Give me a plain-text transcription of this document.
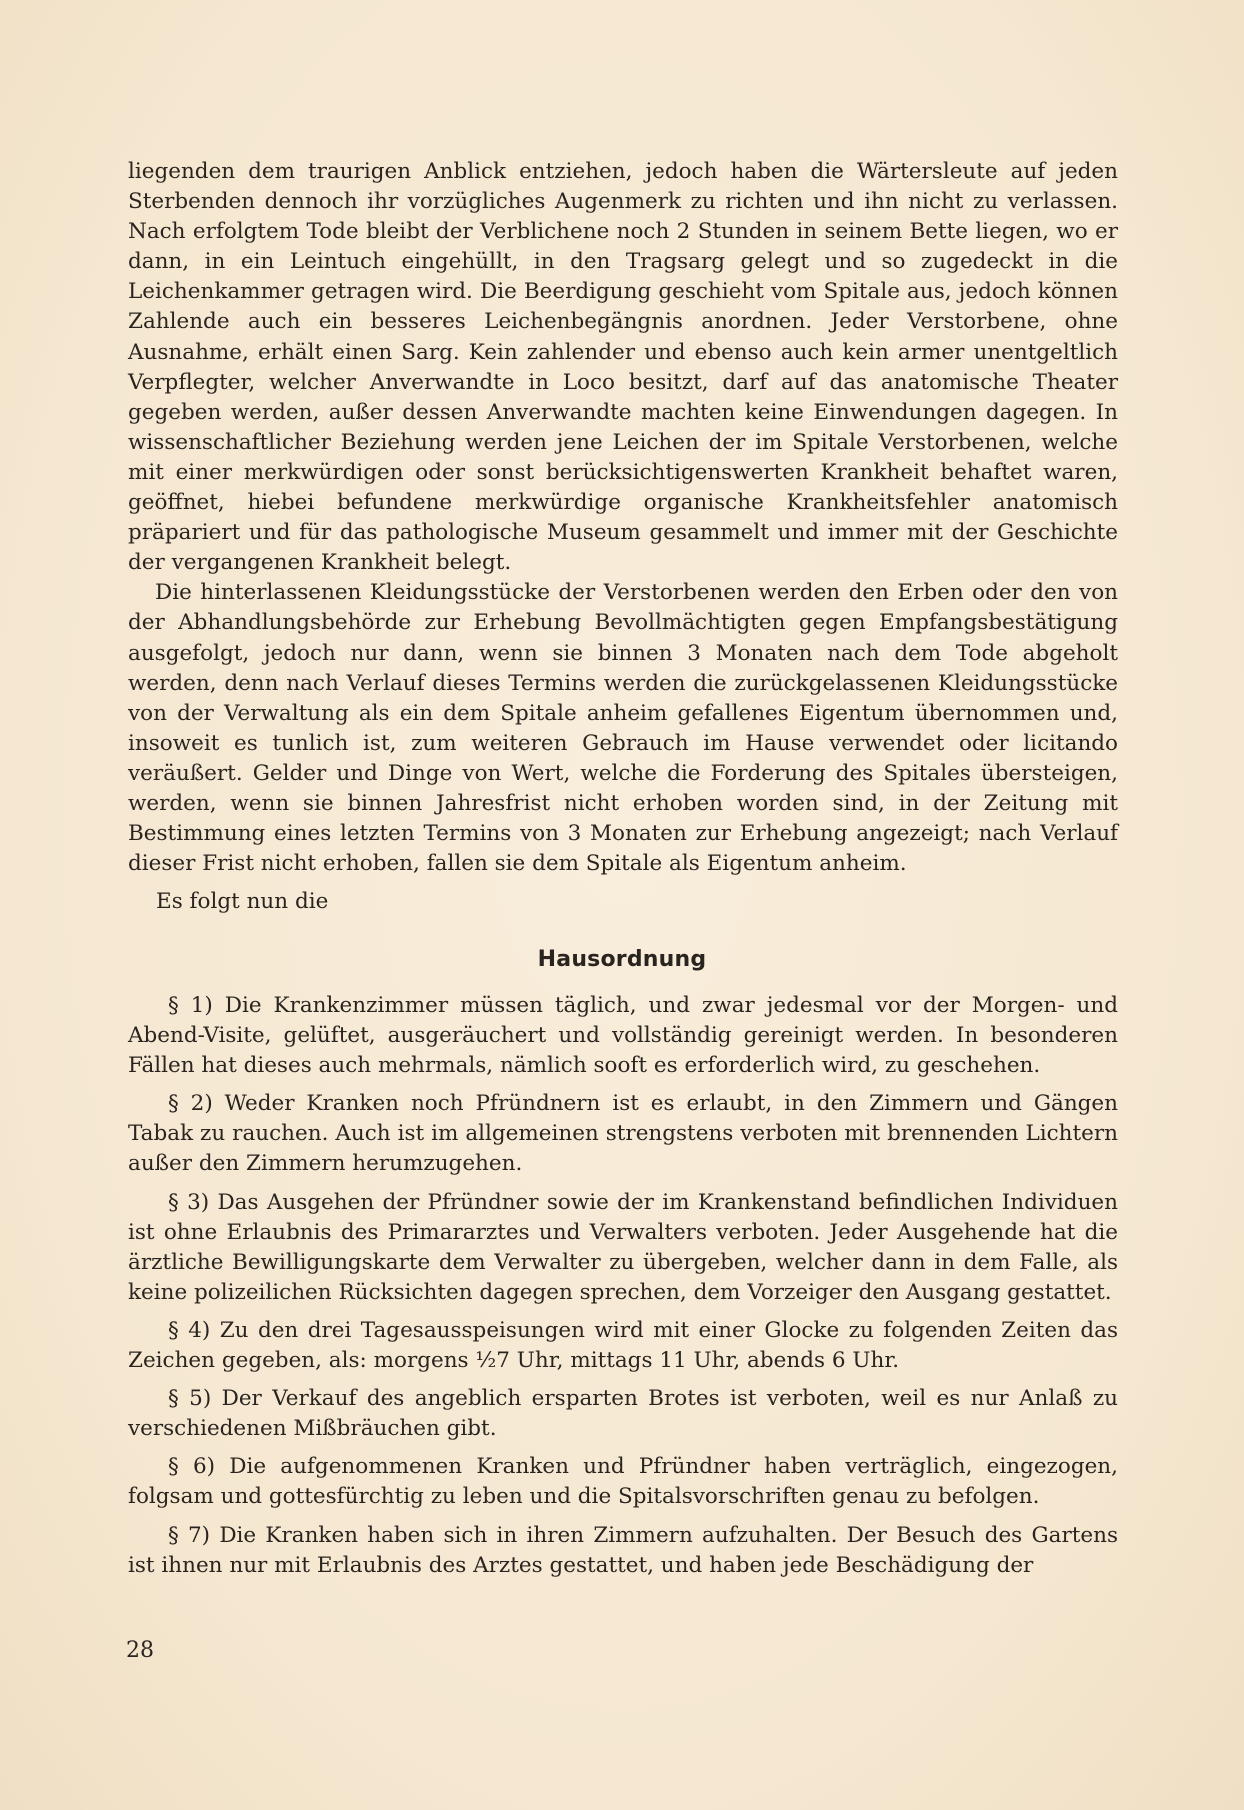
liegenden dem traurigen Anblick entziehen, jedoch haben die Wärtersleute auf jeden Sterbenden dennoch ihr vorzügliches Augenmerk zu richten und ihn nicht zu verlassen. Nach erfolgtem Tode bleibt der Verblichene noch 2 Stunden in seinem Bette liegen, wo er dann, in ein Leintuch eingehüllt, in den Tragsarg gelegt und so zugedeckt in die Leichenkammer getragen wird. Die Beerdigung geschieht vom Spitale aus, jedoch können Zahlende auch ein besseres Leichenbegängnis anordnen. Jeder Verstorbene, ohne Ausnahme, erhält einen Sarg. Kein zahlender und ebenso auch kein armer unentgeltlich Verpflegter, welcher Anverwandte in Loco besitzt, darf auf das anatomische Theater gegeben werden, außer dessen Anverwandte machten keine Einwendungen dagegen. In wissenschaftlicher Beziehung werden jene Leichen der im Spitale Verstorbenen, welche mit einer merkwürdigen oder sonst berücksichtigenswerten Krankheit behaftet waren, geöffnet, hiebei befundene merkwürdige organische Krankheitsfehler anatomisch präpariert und für das pathologische Museum gesammelt und immer mit der Geschichte der vergangenen Krankheit belegt.

Die hinterlassenen Kleidungsstücke der Verstorbenen werden den Erben oder den von der Abhandlungsbehörde zur Erhebung Bevollmächtigten gegen Empfangsbestätigung ausgefolgt, jedoch nur dann, wenn sie binnen 3 Monaten nach dem Tode abgeholt werden, denn nach Verlauf dieses Termins werden die zurückgelassenen Kleidungsstücke von der Verwaltung als ein dem Spitale anheim gefallenes Eigentum übernommen und, insoweit es tunlich ist, zum weiteren Gebrauch im Hause verwendet oder licitando veräußert. Gelder und Dinge von Wert, welche die Forderung des Spitales übersteigen, werden, wenn sie binnen Jahresfrist nicht erhoben worden sind, in der Zeitung mit Bestimmung eines letzten Termins von 3 Monaten zur Erhebung angezeigt; nach Verlauf dieser Frist nicht erhoben, fallen sie dem Spitale als Eigentum anheim.

Es folgt nun die
Hausordnung

§ 1) Die Krankenzimmer müssen täglich, und zwar jedesmal vor der Morgen- und Abend-Visite, gelüftet, ausgeräuchert und vollständig gereinigt werden. In besonderen Fällen hat dieses auch mehrmals, nämlich sooft es erforderlich wird, zu geschehen.

§ 2) Weder Kranken noch Pfründnern ist es erlaubt, in den Zimmern und Gängen Tabak zu rauchen. Auch ist im allgemeinen strengstens verboten mit brennenden Lichtern außer den Zimmern herumzugehen.

§ 3) Das Ausgehen der Pfründner sowie der im Krankenstand befindlichen Individuen ist ohne Erlaubnis des Primararztes und Verwalters verboten. Jeder Ausgehende hat die ärztliche Bewilligungskarte dem Verwalter zu übergeben, welcher dann in dem Falle, als keine polizeilichen Rücksichten dagegen sprechen, dem Vorzeiger den Ausgang gestattet.

§ 4) Zu den drei Tagesausspeisungen wird mit einer Glocke zu folgenden Zeiten das Zeichen gegeben, als: morgens ½7 Uhr, mittags 11 Uhr, abends 6 Uhr.

§ 5) Der Verkauf des angeblich ersparten Brotes ist verboten, weil es nur Anlaß zu verschiedenen Mißbräuchen gibt.

§ 6) Die aufgenommenen Kranken und Pfründner haben verträglich, eingezogen, folgsam und gottesfürchtig zu leben und die Spitalsvorschriften genau zu befolgen.

§ 7) Die Kranken haben sich in ihren Zimmern aufzuhalten. Der Besuch des Gartens ist ihnen nur mit Erlaubnis des Arztes gestattet, und haben jede Beschädigung der

28
